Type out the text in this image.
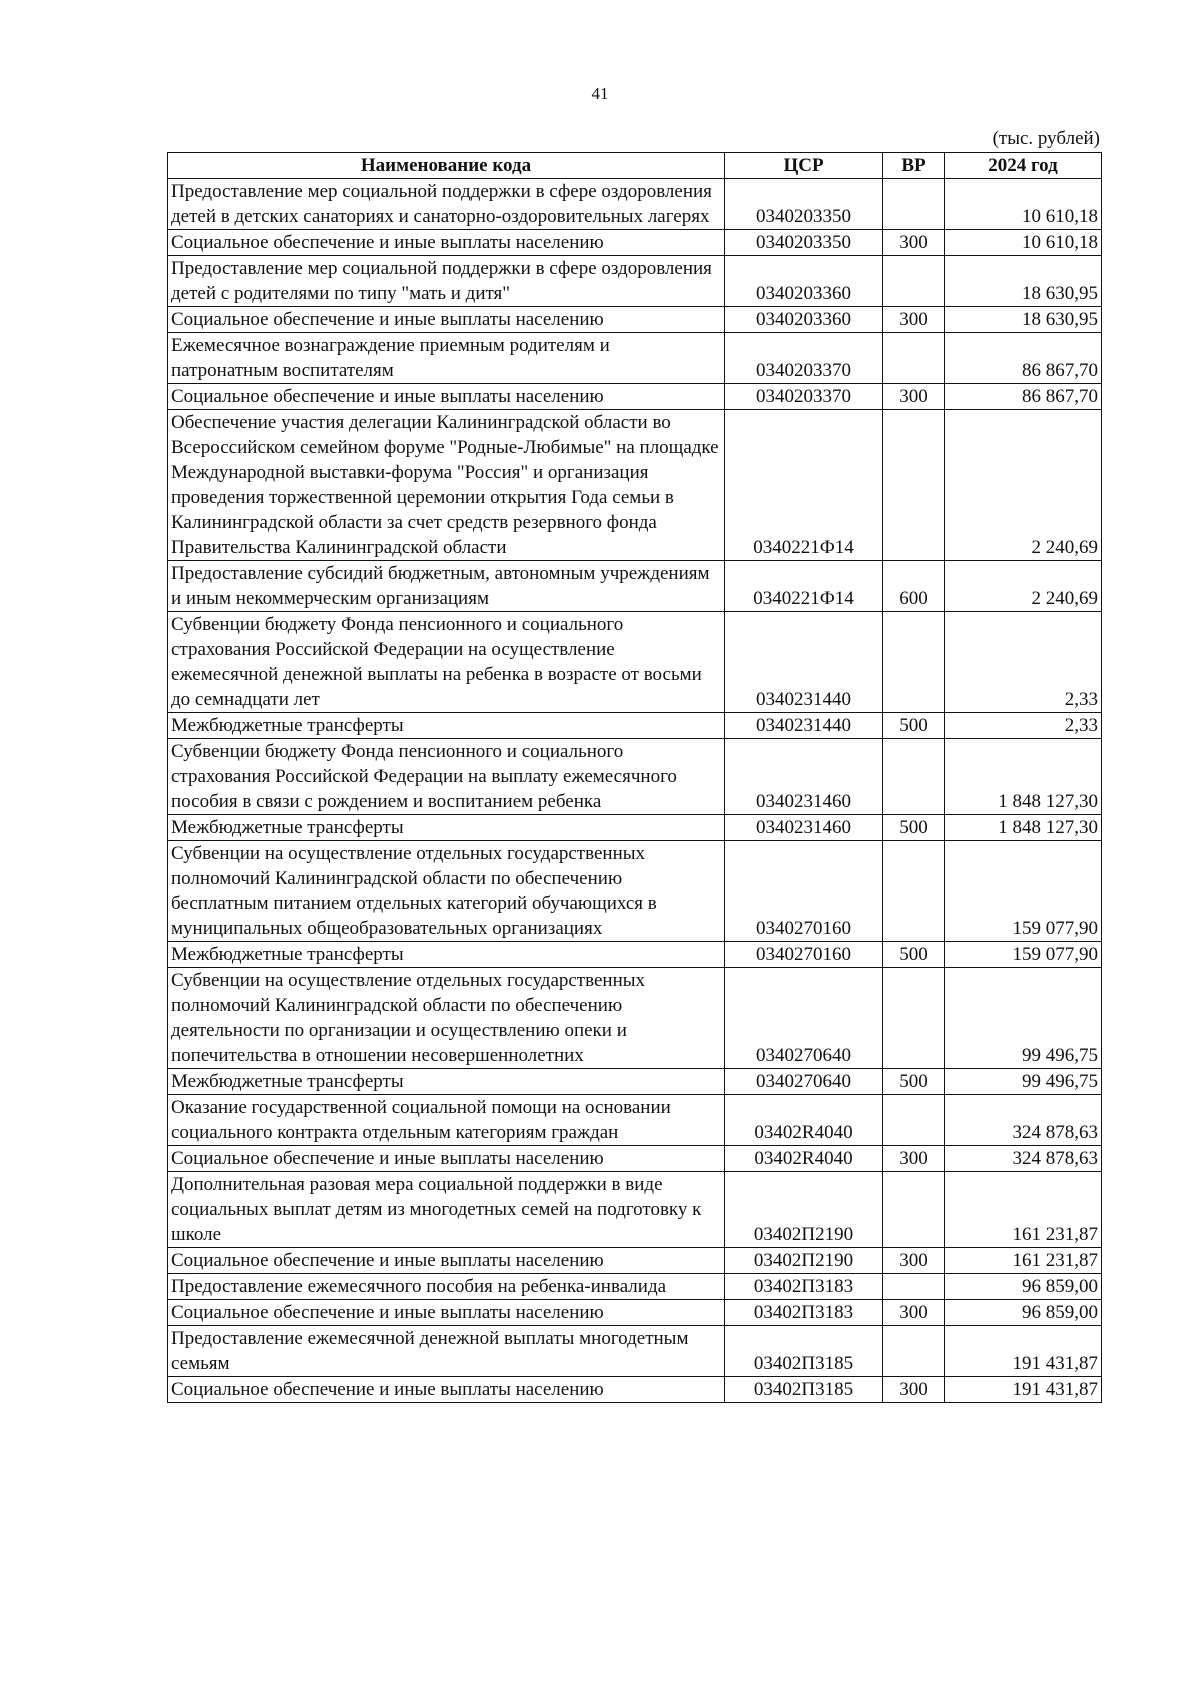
41
(тыс. рублей)
Наименование кода	ЦСР	ВР	2024 год
Предоставление мер социальной поддержки в сфере оздоровления детей в детских санаториях и санаторно-оздоровительных лагерях	0340203350		10 610,18
Социальное обеспечение и иные выплаты населению	0340203350	300	10 610,18
Предоставление мер социальной поддержки в сфере оздоровления детей с родителями по типу "мать и дитя"	0340203360		18 630,95
Социальное обеспечение и иные выплаты населению	0340203360	300	18 630,95
Ежемесячное вознаграждение приемным родителям и патронатным воспитателям	0340203370		86 867,70
Социальное обеспечение и иные выплаты населению	0340203370	300	86 867,70
Обеспечение участия делегации Калининградской области во Всероссийском семейном форуме "Родные-Любимые" на площадке Международной выставки-форума "Россия" и организация проведения торжественной церемонии открытия Года семьи в Калининградской области за счет средств резервного фонда Правительства Калининградской области	0340221Ф14		2 240,69
Предоставление субсидий бюджетным, автономным учреждениям и иным некоммерческим организациям	0340221Ф14	600	2 240,69
Субвенции бюджету Фонда пенсионного и социального страхования Российской Федерации на осуществление ежемесячной денежной выплаты на ребенка в возрасте от восьми до семнадцати лет	0340231440		2,33
Межбюджетные трансферты	0340231440	500	2,33
Субвенции бюджету Фонда пенсионного и социального страхования Российской Федерации на выплату ежемесячного пособия в связи с рождением и воспитанием ребенка	0340231460		1 848 127,30
Межбюджетные трансферты	0340231460	500	1 848 127,30
Субвенции на осуществление отдельных государственных полномочий Калининградской области по обеспечению бесплатным питанием отдельных категорий обучающихся в муниципальных общеобразовательных организациях	0340270160		159 077,90
Межбюджетные трансферты	0340270160	500	159 077,90
Субвенции на осуществление отдельных государственных полномочий Калининградской области по обеспечению деятельности по организации и осуществлению опеки и попечительства в отношении несовершеннолетних	0340270640		99 496,75
Межбюджетные трансферты	0340270640	500	99 496,75
Оказание государственной социальной помощи на основании социального контракта отдельным категориям граждан	03402R4040		324 878,63
Социальное обеспечение и иные выплаты населению	03402R4040	300	324 878,63
Дополнительная разовая мера социальной поддержки в виде социальных выплат детям из многодетных семей на подготовку к школе	03402П2190		161 231,87
Социальное обеспечение и иные выплаты населению	03402П2190	300	161 231,87
Предоставление ежемесячного пособия на ребенка-инвалида	03402П3183		96 859,00
Социальное обеспечение и иные выплаты населению	03402П3183	300	96 859,00
Предоставление ежемесячной денежной выплаты многодетным семьям	03402П3185		191 431,87
Социальное обеспечение и иные выплаты населению	03402П3185	300	191 431,87
